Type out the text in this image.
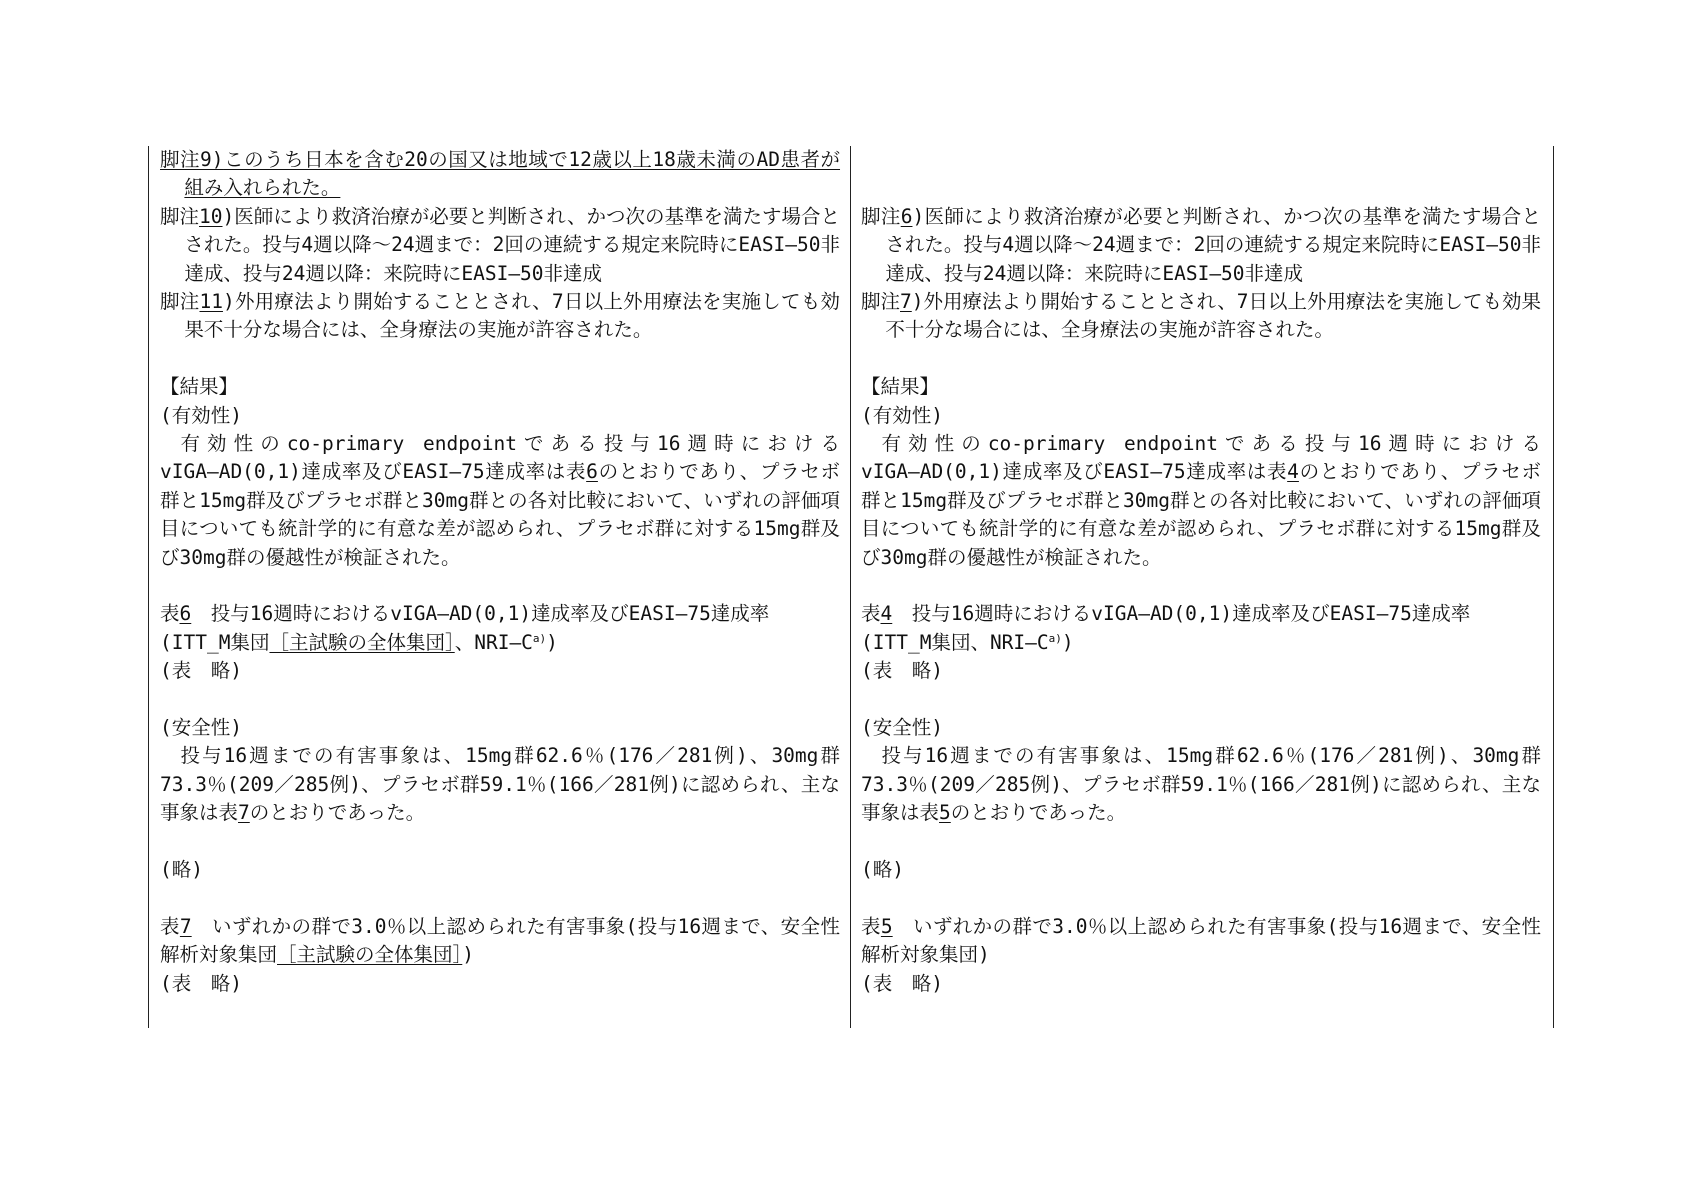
脚注9)このうち日本を含む20の国又は地域で12歳以上18歳未満のAD患者が組み入れられた。

脚注10)医師により救済治療が必要と判断され、かつ次の基準を満たす場合とされた。投与4週以降～24週まで：2回の連続する規定来院時にEASI―50非達成、投与24週以降：来院時にEASI―50非達成

脚注11)外用療法より開始することとされ、7日以上外用療法を実施しても効果不十分な場合には、全身療法の実施が許容された。

【結果】

(有効性)

有効性のco-primary endpointである投与16週時におけるvIGA―AD(0,1)達成率及びEASI―75達成率は表6のとおりであり、プラセボ群と15mg群及びプラセボ群と30mg群との各対比較において、いずれの評価項目についても統計学的に有意な差が認められ、プラセボ群に対する15mg群及び30mg群の優越性が検証された。

表6　投与16週時におけるvIGA―AD(0,1)達成率及びEASI―75達成率

(ITT_M集団［主試験の全体集団］、$NRI―C^{a)}$)

(表　略)

(安全性)

投与16週までの有害事象は、15mg群62.6％(176／281例)、30mg群73.3％(209／285例)、プラセボ群59.1％(166／281例)に認められ、主な事象は表7のとおりであった。

(略)

表7　いずれかの群で3.0％以上認められた有害事象(投与16週まで、安全性解析対象集団［主試験の全体集団］)

(表　略)

脚注6)医師により救済治療が必要と判断され、かつ次の基準を満たす場合とされた。投与4週以降～24週まで：2回の連続する規定来院時にEASI―50非達成、投与24週以降：来院時にEASI―50非達成

脚注7)外用療法より開始することとされ、7日以上外用療法を実施しても効果不十分な場合には、全身療法の実施が許容された。

【結果】

(有効性)

有効性のco-primary endpointである投与16週時におけるvIGA―AD(0,1)達成率及びEASI―75達成率は表4のとおりであり、プラセボ群と15mg群及びプラセボ群と30mg群との各対比較において、いずれの評価項目についても統計学的に有意な差が認められ、プラセボ群に対する15mg群及び30mg群の優越性が検証された。

表4　投与16週時におけるvIGA―AD(0,1)達成率及びEASI―75達成率

(ITT_M集団、$NRI―C^{a)}$)

(表　略)

(安全性)

投与16週までの有害事象は、15mg群62.6％(176／281例)、30mg群73.3％(209／285例)、プラセボ群59.1％(166／281例)に認められ、主な事象は表5のとおりであった。

(略)

表5　いずれかの群で3.0％以上認められた有害事象(投与16週まで、安全性解析対象集団)

(表　略)
